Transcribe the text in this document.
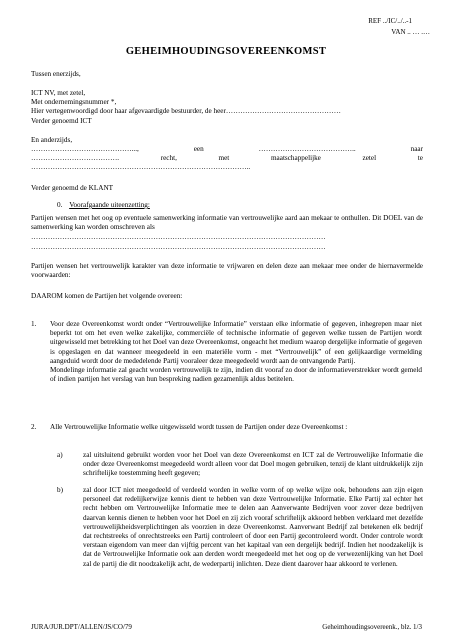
REF ../IC/../..-1
VAN .. … .…
GEHEIMHOUDINGSOVEREENKOMST
Tussen enerzijds,
ICT NV, met zetel,
Met ondernemingsnummer *,
Hier vertegenwoordigd door haar afgevaardigde bestuurder, de heer…………………………………………
Verder genoemd ICT
En anderzijds,
……………………………………...,	een	…………………………………..	naar
……………………………….	recht,	met	maatschappelijke	zetel	te
………………………………………………………………………………..
Verder genoemd de KLANT
0. Voorafgaande uiteenzetting:
Partijen wensen met het oog op eventuele samenwerking informatie van vertrouwelijke aard aan mekaar te onthullen. Dit DOEL van de samenwerking kan worden omschreven als
……………………………………………………………………………………………………………
……………………………………………………………………………………………………………
Partijen wensen het vertrouwelijk karakter van deze informatie te vrijwaren en delen deze aan mekaar mee onder de hiernavermelde voorwaarden:
DAAROM komen de Partijen het volgende overeen:
1. Voor deze Overeenkomst wordt onder “Vertrouwelijke Informatie” verstaan elke informatie of gegeven, inhegrepen maar niet beperkt tot om het even welke zakelijke, commerciële of technische informatie of gegeven welke tussen de Partijen wordt uitgewisseld met betrekking tot het Doel van deze Overeenkomst, ongeacht het medium waarop dergelijke informatie of gegeven is opgeslagen en dat wanneer meegedeeld in een materiële vorm - met “Vertrouwelijk” of een gelijkaardige vermelding aangeduid wordt door de mededelende Partij vooraleer deze meegedeeld wordt aan de ontvangende Partij.
Mondelinge informatie zal geacht worden vertrouwelijk te zijn, indien dit vooraf zo door de informatieverstrekker wordt gemeld of indien partijen het verslag van hun bespreking nadien gezamenlijk aldus betitelen.
2. Alle Vertrouwelijke Informatie welke uitgewisseld wordt tussen de Partijen onder deze Overeenkomst :
a)	zal uitsluitend gebruikt worden voor het Doel van deze Overeenkomst en ICT zal de Vertrouwelijke Informatie die onder deze Overeenkomst meegedeeld wordt alleen voor dat Doel mogen gebruiken, tenzij de klant uitdrukkelijk zijn schriftelijke toestemming heeft gegeven;
b)	zal door ICT niet meegedeeld of verdeeld worden in welke vorm of op welke wijze ook, behoudens aan zijn eigen personeel dat redelijkerwijze kennis dient te hebben van deze Vertrouwelijke Informatie. Elke Partij zal echter het recht hebben om Vertrouwelijke Informatie mee te delen aan Aanverwante Bedrijven voor zover deze bedrijven daarvan kennis dienen te hebben voor het Doel en zij zich vooraf schriftelijk akkoord hebben verklaard met dezelfde vertrouwelijkheidsverplichtingen als voorzien in deze Overeenkomst. Aanverwant Bedrijf zal betekenen elk bedrijf dat rechtstreeks of onrechtstreeks een Partij controleert of door een Partij gecontroleerd wordt. Onder controle wordt verstaan eigendom van meer dan vijftig percent van het kapitaal van een dergelijk bedrijf. Indien het noodzakelijk is dat de Vertrouwelijke Informatie ook aan derden wordt meegedeeld met het oog op de verwezenlijking van het Doel zal de partij die dit noodzakelijk acht, de wederpartij inlichten. Deze dient daarover haar akkoord te verlenen.
JURA/JUR.DPT/ALLEN/JS/CO/79	Geheimhoudingsovereenk., blz. 1/3
